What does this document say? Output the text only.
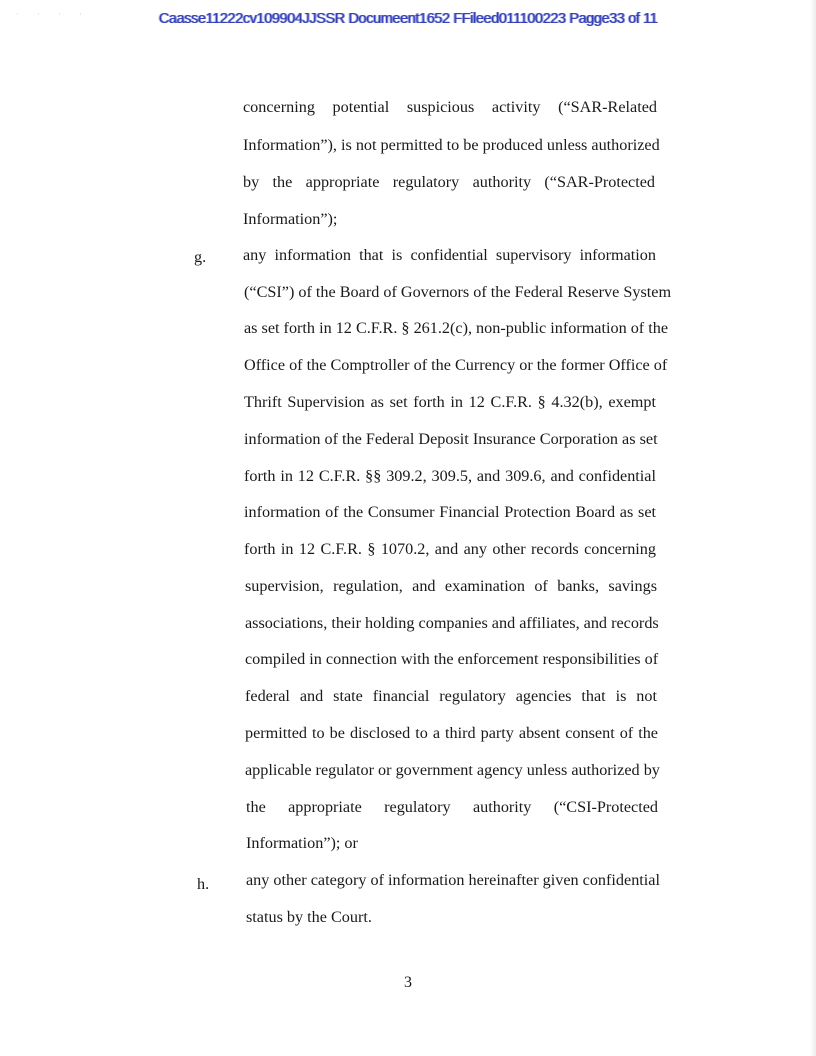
· · · ·	Caasse11222cv109904JJSSR Documeent1652 FFileed011100223 Pagge33 of 11
concerning potential suspicious activity (“SAR-Related
Information”), is not permitted to be produced unless authorized
by the appropriate regulatory authority (“SAR-Protected
Information”);
g. any information that is confidential supervisory information
(“CSI”) of the Board of Governors of the Federal Reserve System
as set forth in 12 C.F.R. § 261.2(c), non-public information of the
Office of the Comptroller of the Currency or the former Office of
Thrift Supervision as set forth in 12 C.F.R. § 4.32(b), exempt
information of the Federal Deposit Insurance Corporation as set
forth in 12 C.F.R. §§ 309.2, 309.5, and 309.6, and confidential
information of the Consumer Financial Protection Board as set
forth in 12 C.F.R. § 1070.2, and any other records concerning
supervision, regulation, and examination of banks, savings
associations, their holding companies and affiliates, and records
compiled in connection with the enforcement responsibilities of
federal and state financial regulatory agencies that is not
permitted to be disclosed to a third party absent consent of the
applicable regulator or government agency unless authorized by
the appropriate regulatory authority (“CSI-Protected
Information”); or
h. any other category of information hereinafter given confidential
status by the Court.
3
